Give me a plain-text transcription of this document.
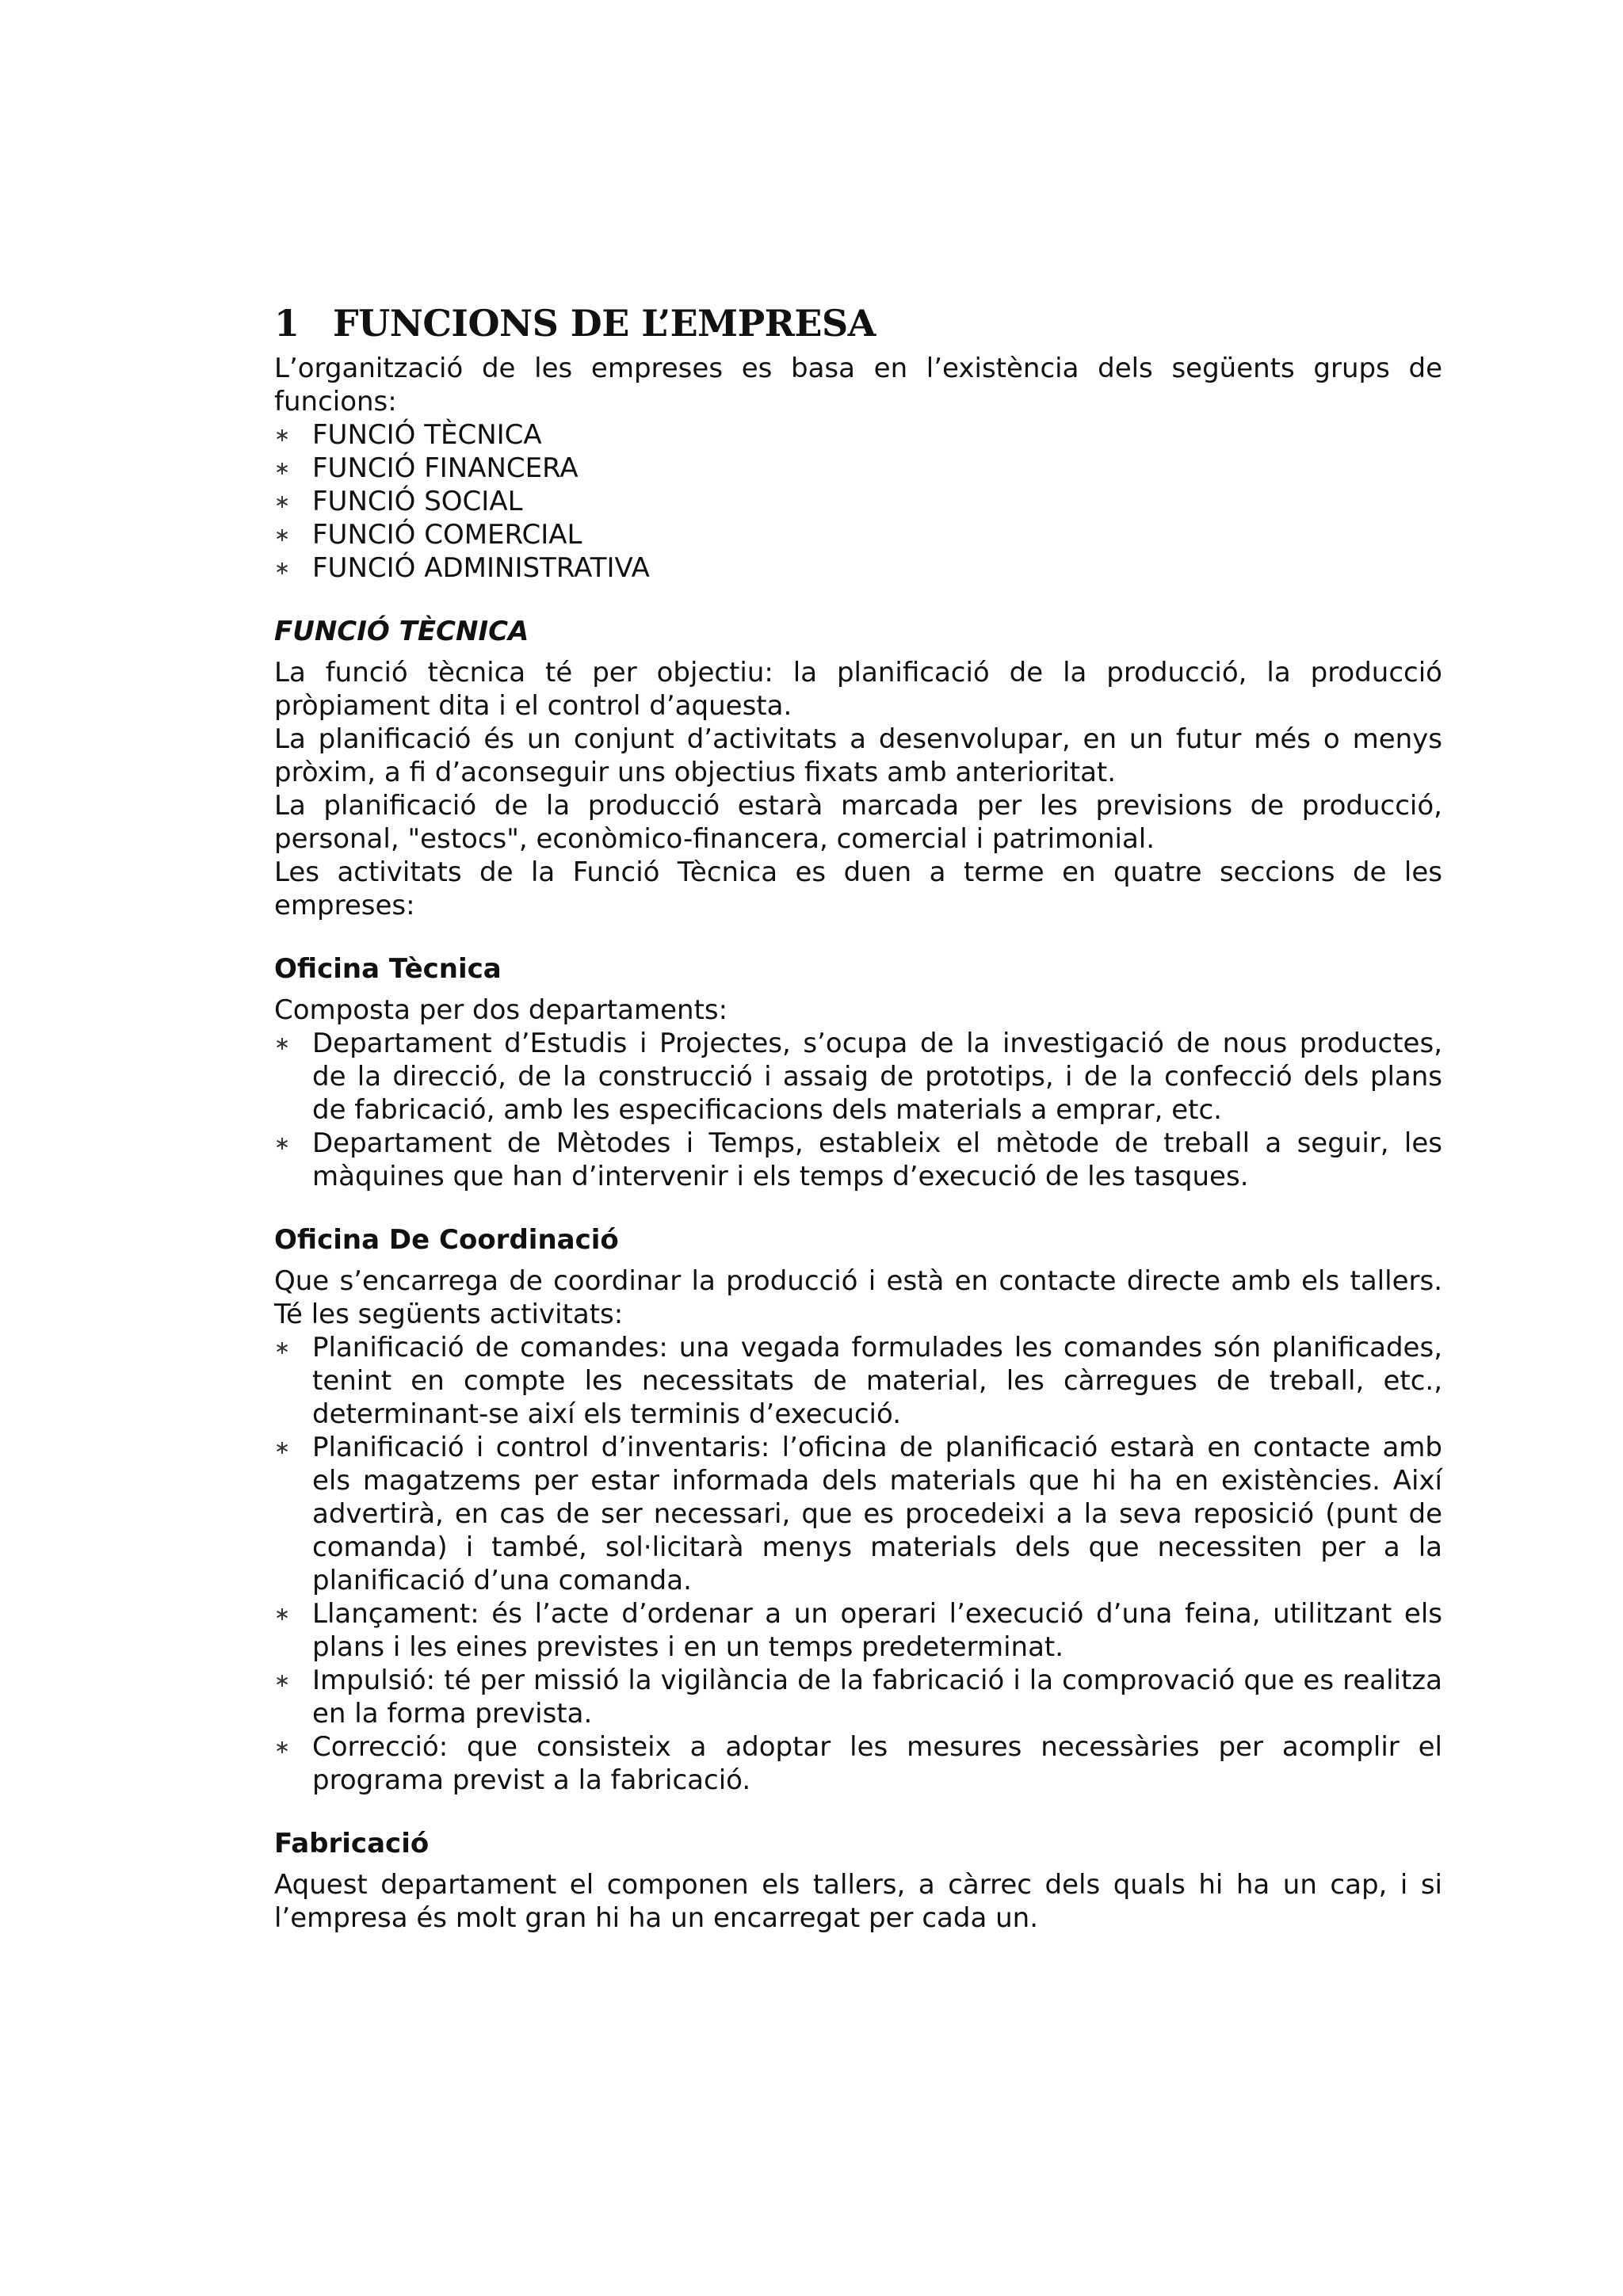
1 FUNCIONS DE L’EMPRESA

L’organització de les empreses es basa en l’existència dels següents grups de funcions:

∗ FUNCIÓ TÈCNICA
∗ FUNCIÓ FINANCERA
∗ FUNCIÓ SOCIAL
∗ FUNCIÓ COMERCIAL
∗ FUNCIÓ ADMINISTRATIVA
FUNCIÓ TÈCNICA

La funció tècnica té per objectiu: la planificació de la producció, la producció pròpiament dita i el control d’aquesta.

La planificació és un conjunt d’activitats a desenvolupar, en un futur més o menys pròxim, a fi d’aconseguir uns objectius fixats amb anterioritat.

La planificació de la producció estarà marcada per les previsions de producció, personal, "estocs", econòmico-financera, comercial i patrimonial.

Les activitats de la Funció Tècnica es duen a terme en quatre seccions de les empreses:

Oficina Tècnica

Composta per dos departaments:

∗ Departament d’Estudis i Projectes, s’ocupa de la investigació de nous productes, de la direcció, de la construcció i assaig de prototips, i de la confecció dels plans de fabricació, amb les especificacions dels materials a emprar, etc.
∗ Departament de Mètodes i Temps, estableix el mètode de treball a seguir, les màquines que han d’intervenir i els temps d’execució de les tasques.
Oficina De Coordinació

Que s’encarrega de coordinar la producció i està en contacte directe amb els tallers. Té les següents activitats:

∗ Planificació de comandes: una vegada formulades les comandes són planificades, tenint en compte les necessitats de material, les càrregues de treball, etc., determinant-se així els terminis d’execució.
∗ Planificació i control d’inventaris: l’oficina de planificació estarà en contacte amb els magatzems per estar informada dels materials que hi ha en existències. Així advertirà, en cas de ser necessari, que es procedeixi a la seva reposició (punt de comanda) i també, sol·licitarà menys materials dels que necessiten per a la planificació d’una comanda.
∗ Llançament: és l’acte d’ordenar a un operari l’execució d’una feina, utilitzant els plans i les eines previstes i en un temps predeterminat.
∗ Impulsió: té per missió la vigilància de la fabricació i la comprovació que es realitza en la forma prevista.
∗ Correcció: que consisteix a adoptar les mesures necessàries per acomplir el programa previst a la fabricació.
Fabricació

Aquest departament el componen els tallers, a càrrec dels quals hi ha un cap, i si l’empresa és molt gran hi ha un encarregat per cada un.
